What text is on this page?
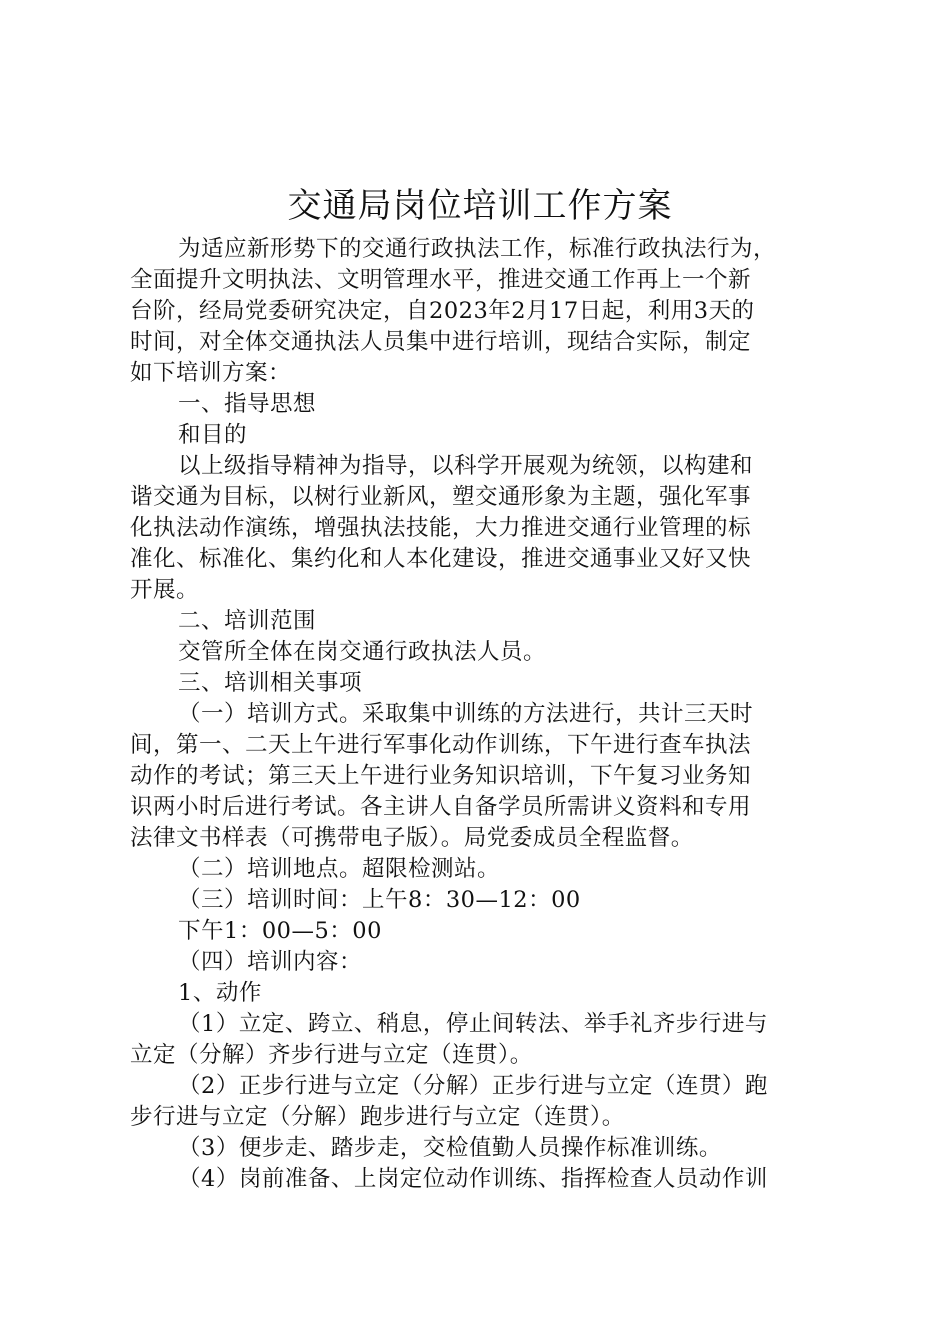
交通局岗位培训工作方案
为适应新形势下的交通行政执法工作，标准行政执法行为，
全面提升文明执法、文明管理水平，推进交通工作再上一个新
台阶，经局党委研究决定，自2023年2月17日起，利用3天的
时间，对全体交通执法人员集中进行培训，现结合实际，制定
如下培训方案：
一、指导思想
和目的
以上级指导精神为指导，以科学开展观为统领，以构建和
谐交通为目标，以树行业新风，塑交通形象为主题，强化军事
化执法动作演练，增强执法技能，大力推进交通行业管理的标
准化、标准化、集约化和人本化建设，推进交通事业又好又快
开展。
二、培训范围
交管所全体在岗交通行政执法人员。
三、培训相关事项
（一）培训方式。采取集中训练的方法进行，共计三天时
间，第一、二天上午进行军事化动作训练，下午进行查车执法
动作的考试；第三天上午进行业务知识培训，下午复习业务知
识两小时后进行考试。各主讲人自备学员所需讲义资料和专用
法律文书样表（可携带电子版）。局党委成员全程监督。
（二）培训地点。超限检测站。
（三）培训时间：上午8：30—12：00
下午1：00—5：00
（四）培训内容：
1、动作
（1）立定、跨立、稍息，停止间转法、举手礼齐步行进与
立定（分解）齐步行进与立定（连贯）。
（2）正步行进与立定（分解）正步行进与立定（连贯）跑
步行进与立定（分解）跑步进行与立定（连贯）。
（3）便步走、踏步走，交检值勤人员操作标准训练。
（4）岗前准备、上岗定位动作训练、指挥检查人员动作训
